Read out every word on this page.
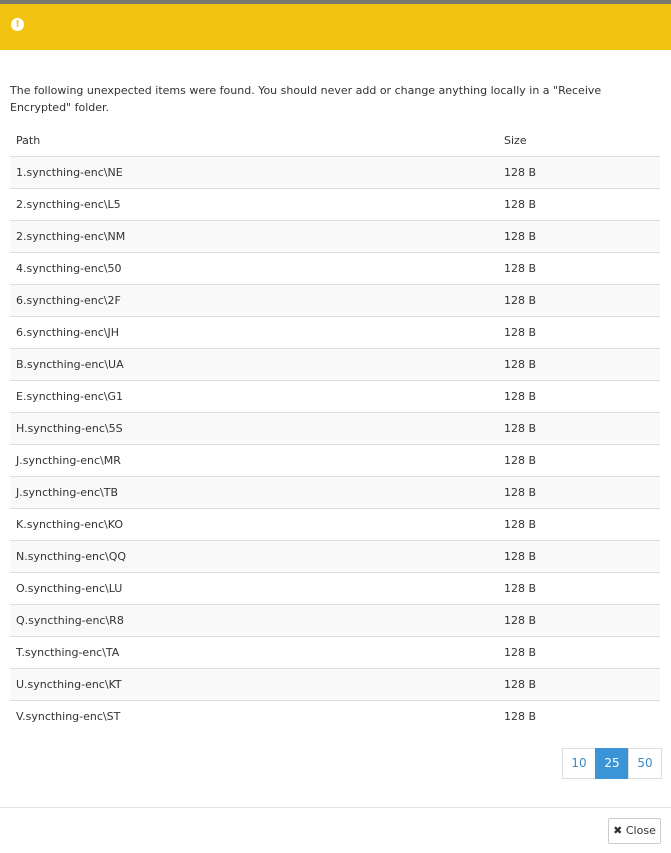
!
The following unexpected items were found. You should never add or change anything locally in a "Receive Encrypted" folder.
Path	Size
1.syncthing-enc\NE	128 B
2.syncthing-enc\L5	128 B
2.syncthing-enc\NM	128 B
4.syncthing-enc\50	128 B
6.syncthing-enc\2F	128 B
6.syncthing-enc\JH	128 B
B.syncthing-enc\UA	128 B
E.syncthing-enc\G1	128 B
H.syncthing-enc\5S	128 B
J.syncthing-enc\MR	128 B
J.syncthing-enc\TB	128 B
K.syncthing-enc\KO	128 B
N.syncthing-enc\QQ	128 B
O.syncthing-enc\LU	128 B
Q.syncthing-enc\R8	128 B
T.syncthing-enc\TA	128 B
U.syncthing-enc\KT	128 B
V.syncthing-enc\ST	128 B
10	25	50
✖ Close
